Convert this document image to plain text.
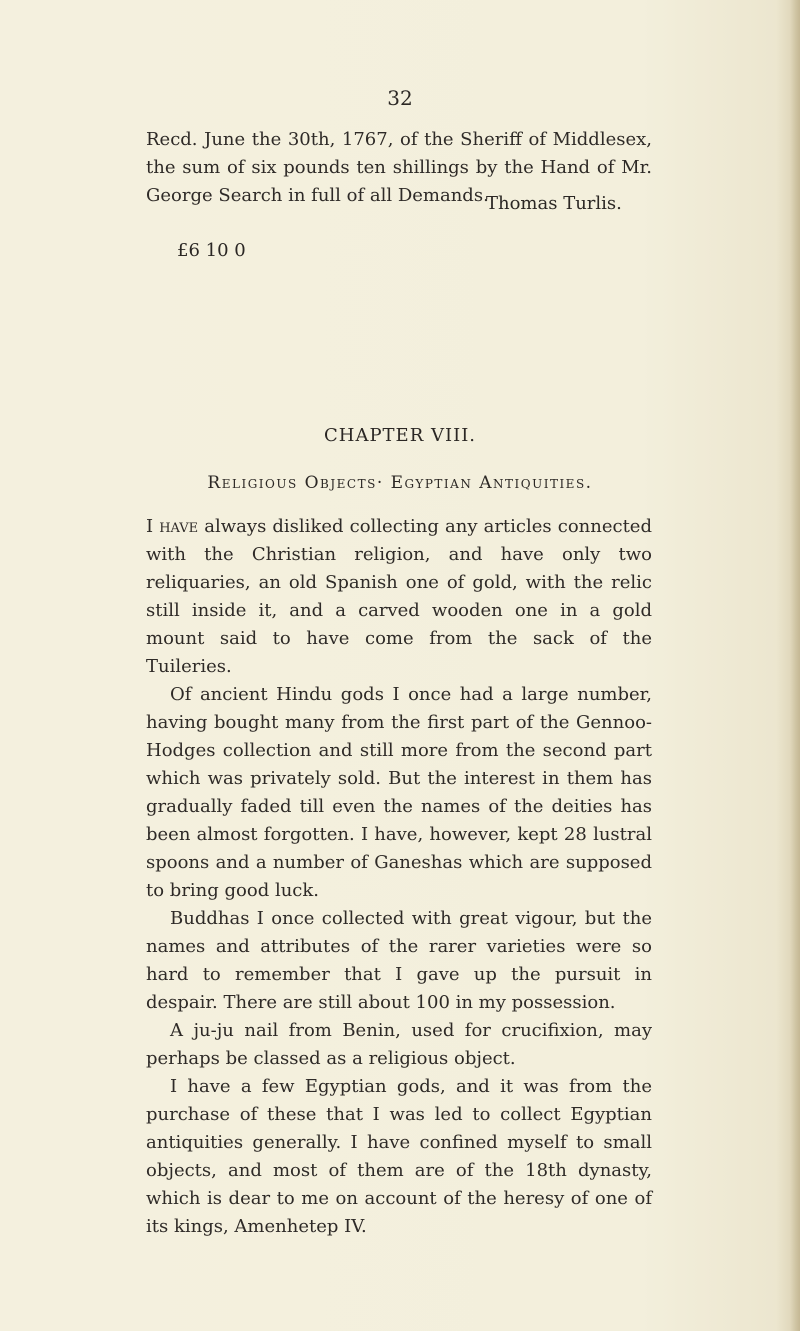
32

Recd. June the 30th, 1767, of the Sheriff of Middlesex, the sum of six pounds ten shillings by the Hand of Mr. George Search in full of all Demands.

Thomas Turlis.
£6 10 0
CHAPTER VIII.
Religious Objects· Egyptian Antiquities.

I have always disliked collecting any articles connected with the Christian religion, and have only two reliquaries, an old Spanish one of gold, with the relic still inside it, and a carved wooden one in a gold mount said to have come from the sack of the Tuileries.

Of ancient Hindu gods I once had a large number, having bought many from the first part of the Gennoo-Hodges collection and still more from the second part which was privately sold. But the interest in them has gradually faded till even the names of the deities has been almost forgotten. I have, however, kept 28 lustral spoons and a number of Ganeshas which are supposed to bring good luck.

Buddhas I once collected with great vigour, but the names and attributes of the rarer varieties were so hard to remember that I gave up the pursuit in despair. There are still about 100 in my possession.

A ju-ju nail from Benin, used for crucifixion, may perhaps be classed as a religious object.

I have a few Egyptian gods, and it was from the purchase of these that I was led to collect Egyptian antiquities generally. I have confined myself to small objects, and most of them are of the 18th dynasty, which is dear to me on account of the heresy of one of its kings, Amenhetep IV.
